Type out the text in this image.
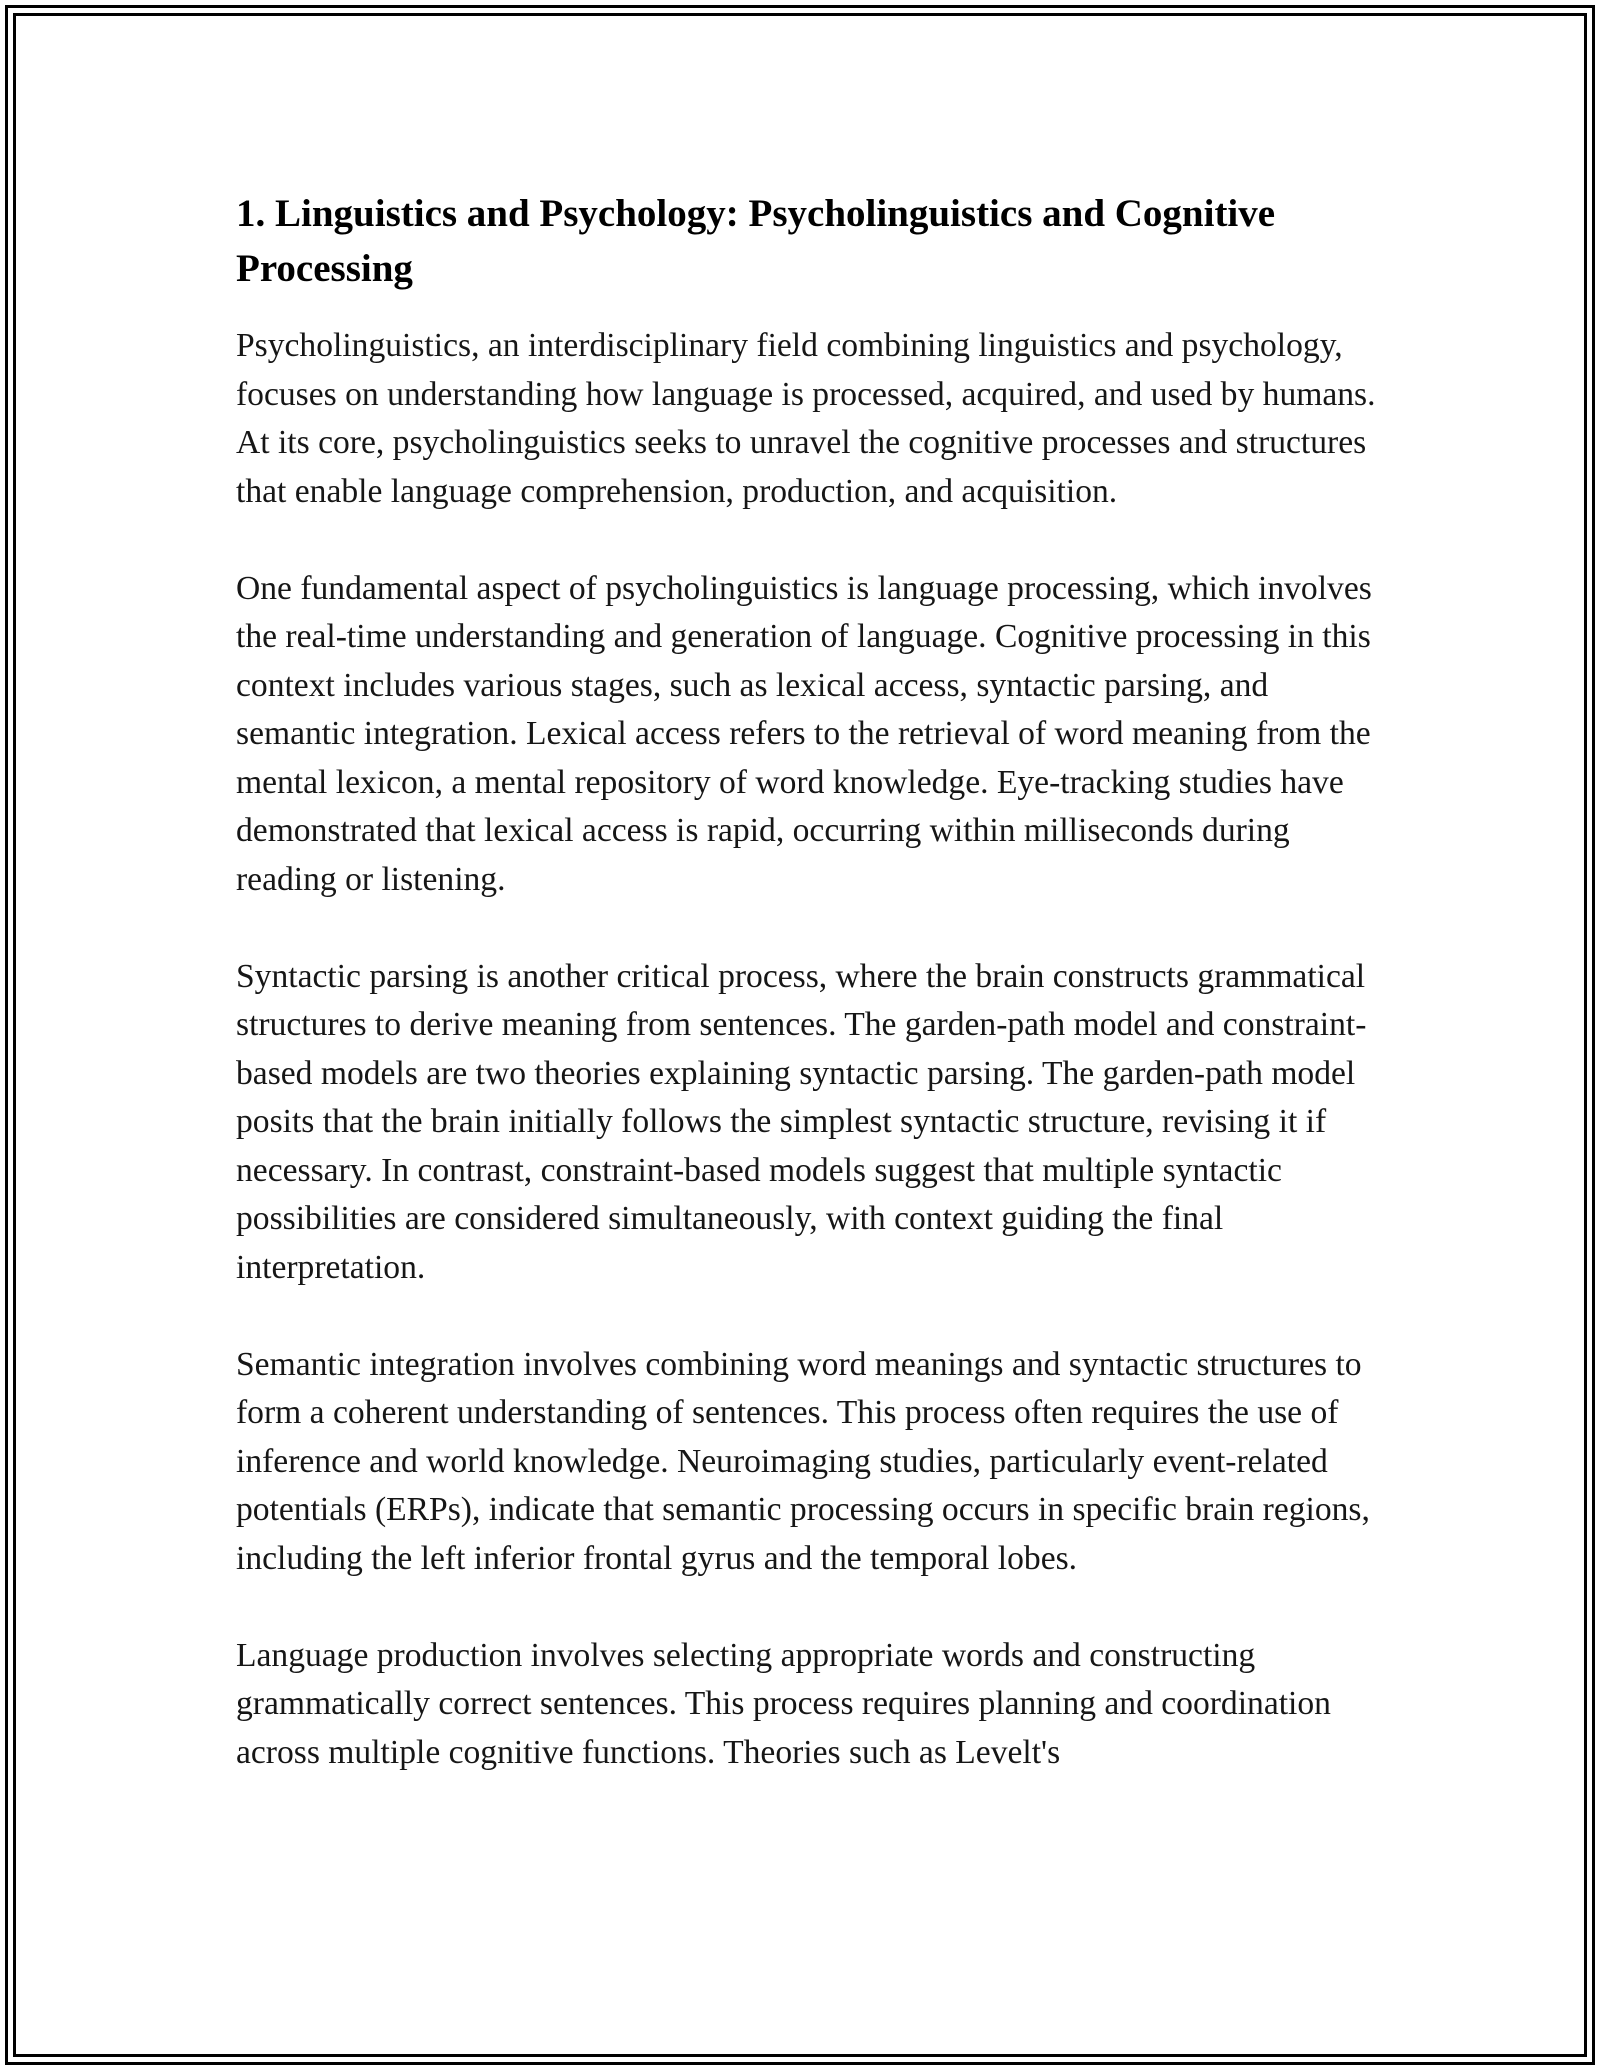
1. Linguistics and Psychology: Psycholinguistics and Cognitive Processing

Psycholinguistics, an interdisciplinary field combining linguistics and psychology, focuses on understanding how language is processed, acquired, and used by humans. At its core, psycholinguistics seeks to unravel the cognitive processes and structures that enable language comprehension, production, and acquisition.

One fundamental aspect of psycholinguistics is language processing, which involves the real-time understanding and generation of language. Cognitive processing in this context includes various stages, such as lexical access, syntactic parsing, and semantic integration. Lexical access refers to the retrieval of word meaning from the mental lexicon, a mental repository of word knowledge. Eye-tracking studies have demonstrated that lexical access is rapid, occurring within milliseconds during reading or listening.

Syntactic parsing is another critical process, where the brain constructs grammatical structures to derive meaning from sentences. The garden-path model and constraint-based models are two theories explaining syntactic parsing. The garden-path model posits that the brain initially follows the simplest syntactic structure, revising it if necessary. In contrast, constraint-based models suggest that multiple syntactic possibilities are considered simultaneously, with context guiding the final interpretation.

Semantic integration involves combining word meanings and syntactic structures to form a coherent understanding of sentences. This process often requires the use of inference and world knowledge. Neuroimaging studies, particularly event-related potentials (ERPs), indicate that semantic processing occurs in specific brain regions, including the left inferior frontal gyrus and the temporal lobes.

Language production involves selecting appropriate words and constructing grammatically correct sentences. This process requires planning and coordination across multiple cognitive functions. Theories such as Levelt's
